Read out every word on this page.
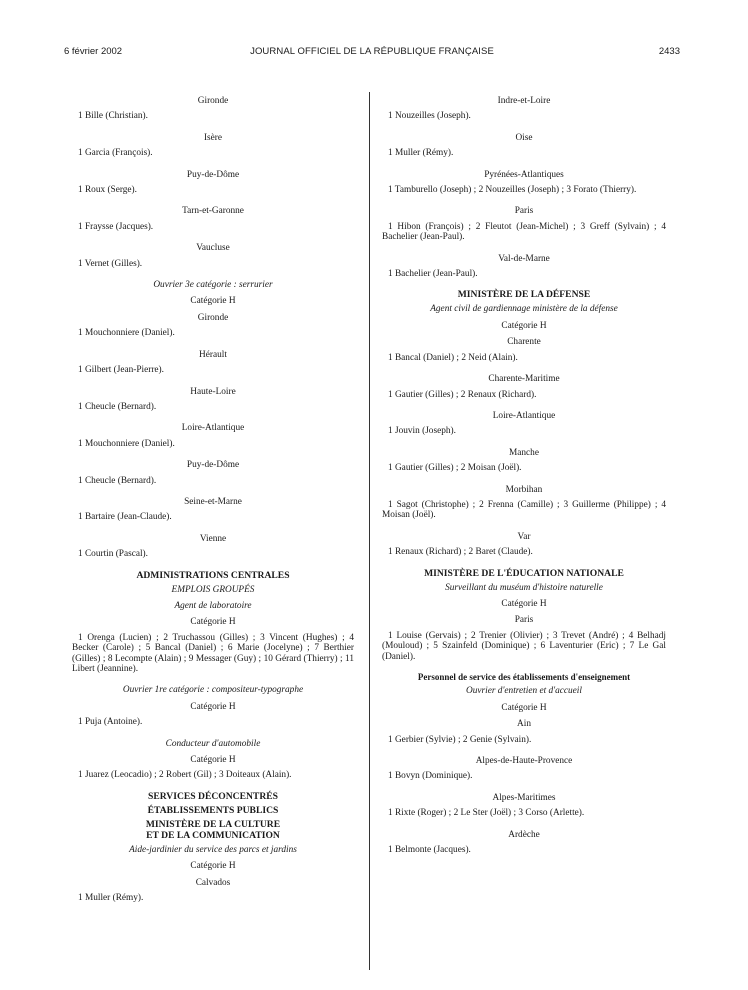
6 février 2002	JOURNAL OFFICIEL DE LA RÉPUBLIQUE FRANÇAISE	2433
Gironde
1 Bille (Christian).
Isère
1 Garcia (François).
Puy-de-Dôme
1 Roux (Serge).
Tarn-et-Garonne
1 Fraysse (Jacques).
Vaucluse
1 Vernet (Gilles).
Ouvrier 3e catégorie : serrurier
Catégorie H
Gironde
1 Mouchonniere (Daniel).
Hérault
1 Gilbert (Jean-Pierre).
Haute-Loire
1 Cheucle (Bernard).
Loire-Atlantique
1 Mouchonniere (Daniel).
Puy-de-Dôme
1 Cheucle (Bernard).
Seine-et-Marne
1 Bartaire (Jean-Claude).
Vienne
1 Courtin (Pascal).
ADMINISTRATIONS CENTRALES
EMPLOIS GROUPÉS
Agent de laboratoire
Catégorie H
1 Orenga (Lucien) ; 2 Truchassou (Gilles) ; 3 Vincent (Hughes) ; 4 Becker (Carole) ; 5 Bancal (Daniel) ; 6 Marie (Jocelyne) ; 7 Berthier (Gilles) ; 8 Lecompte (Alain) ; 9 Messager (Guy) ; 10 Gérard (Thierry) ; 11 Libert (Jeannine).
Ouvrier 1re catégorie : compositeur-typographe
Catégorie H
1 Puja (Antoine).
Conducteur d'automobile
Catégorie H
1 Juarez (Leocadio) ; 2 Robert (Gil) ; 3 Doiteaux (Alain).
SERVICES DÉCONCENTRÉS
ÉTABLISSEMENTS PUBLICS
MINISTÈRE DE LA CULTURE
ET DE LA COMMUNICATION
Aide-jardinier du service des parcs et jardins
Catégorie H
Calvados
1 Muller (Rémy).
Indre-et-Loire
1 Nouzeilles (Joseph).
Oise
1 Muller (Rémy).
Pyrénées-Atlantiques
1 Tamburello (Joseph) ; 2 Nouzeilles (Joseph) ; 3 Forato (Thierry).
Paris
1 Hibon (François) ; 2 Fleutot (Jean-Michel) ; 3 Greff (Sylvain) ; 4 Bachelier (Jean-Paul).
Val-de-Marne
1 Bachelier (Jean-Paul).
MINISTÈRE DE LA DÉFENSE
Agent civil de gardiennage ministère de la défense
Catégorie H
Charente
1 Bancal (Daniel) ; 2 Neid (Alain).
Charente-Maritime
1 Gautier (Gilles) ; 2 Renaux (Richard).
Loire-Atlantique
1 Jouvin (Joseph).
Manche
1 Gautier (Gilles) ; 2 Moisan (Joël).
Morbihan
1 Sagot (Christophe) ; 2 Frenna (Camille) ; 3 Guillerme (Philippe) ; 4 Moisan (Joël).
Var
1 Renaux (Richard) ; 2 Baret (Claude).
MINISTÈRE DE L'ÉDUCATION NATIONALE
Surveillant du muséum d'histoire naturelle
Catégorie H
Paris
1 Louise (Gervais) ; 2 Trenier (Olivier) ; 3 Trevet (André) ; 4 Belhadj (Mouloud) ; 5 Szainfeld (Dominique) ; 6 Laventurier (Eric) ; 7 Le Gal (Daniel).
Personnel de service des établissements d'enseignement
Ouvrier d'entretien et d'accueil
Catégorie H
Ain
1 Gerbier (Sylvie) ; 2 Genie (Sylvain).
Alpes-de-Haute-Provence
1 Bovyn (Dominique).
Alpes-Maritimes
1 Rixte (Roger) ; 2 Le Ster (Joël) ; 3 Corso (Arlette).
Ardèche
1 Belmonte (Jacques).
